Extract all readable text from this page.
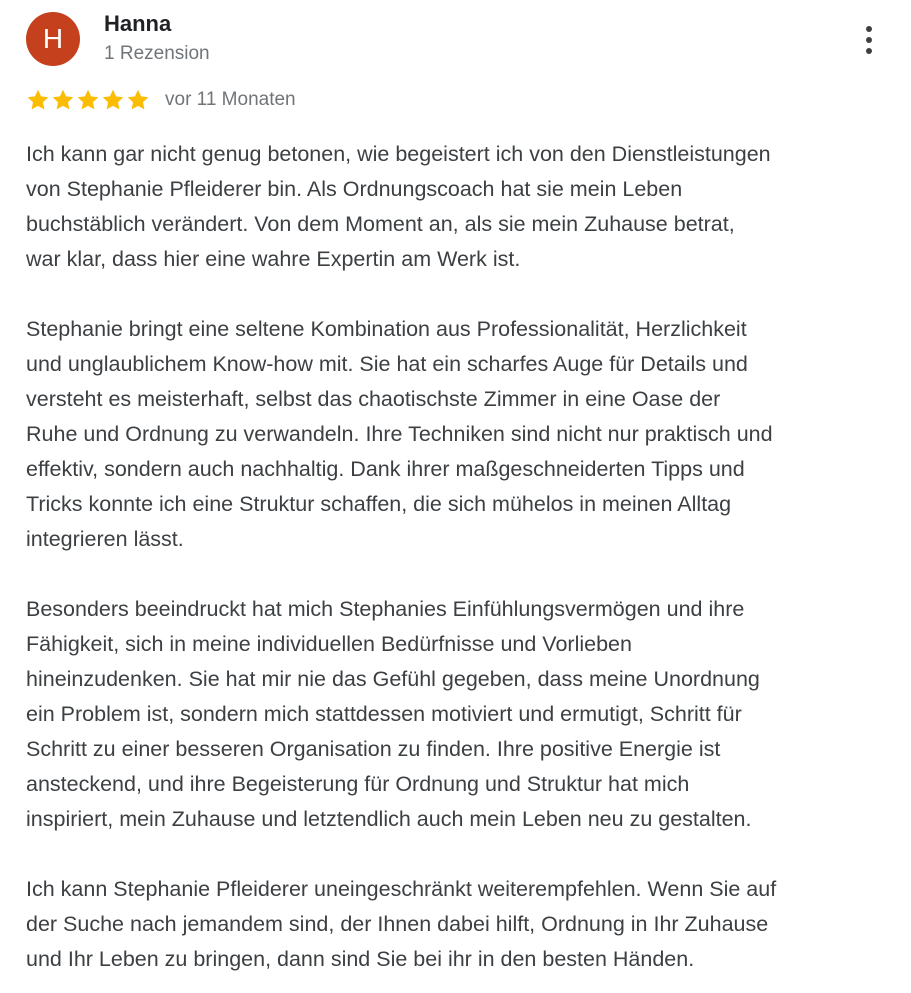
H	Hanna
1 Rezension
vor 11 Monaten

Ich kann gar nicht genug betonen, wie begeistert ich von den Dienstleistungen
von Stephanie Pfleiderer bin. Als Ordnungscoach hat sie mein Leben
buchstäblich verändert. Von dem Moment an, als sie mein Zuhause betrat,
war klar, dass hier eine wahre Expertin am Werk ist.

Stephanie bringt eine seltene Kombination aus Professionalität, Herzlichkeit
und unglaublichem Know-how mit. Sie hat ein scharfes Auge für Details und
versteht es meisterhaft, selbst das chaotischste Zimmer in eine Oase der
Ruhe und Ordnung zu verwandeln. Ihre Techniken sind nicht nur praktisch und
effektiv, sondern auch nachhaltig. Dank ihrer maßgeschneiderten Tipps und
Tricks konnte ich eine Struktur schaffen, die sich mühelos in meinen Alltag
integrieren lässt.

Besonders beeindruckt hat mich Stephanies Einfühlungsvermögen und ihre
Fähigkeit, sich in meine individuellen Bedürfnisse und Vorlieben
hineinzudenken. Sie hat mir nie das Gefühl gegeben, dass meine Unordnung
ein Problem ist, sondern mich stattdessen motiviert und ermutigt, Schritt für
Schritt zu einer besseren Organisation zu finden. Ihre positive Energie ist
ansteckend, und ihre Begeisterung für Ordnung und Struktur hat mich
inspiriert, mein Zuhause und letztendlich auch mein Leben neu zu gestalten.

Ich kann Stephanie Pfleiderer uneingeschränkt weiterempfehlen. Wenn Sie auf
der Suche nach jemandem sind, der Ihnen dabei hilft, Ordnung in Ihr Zuhause
und Ihr Leben zu bringen, dann sind Sie bei ihr in den besten Händen.
